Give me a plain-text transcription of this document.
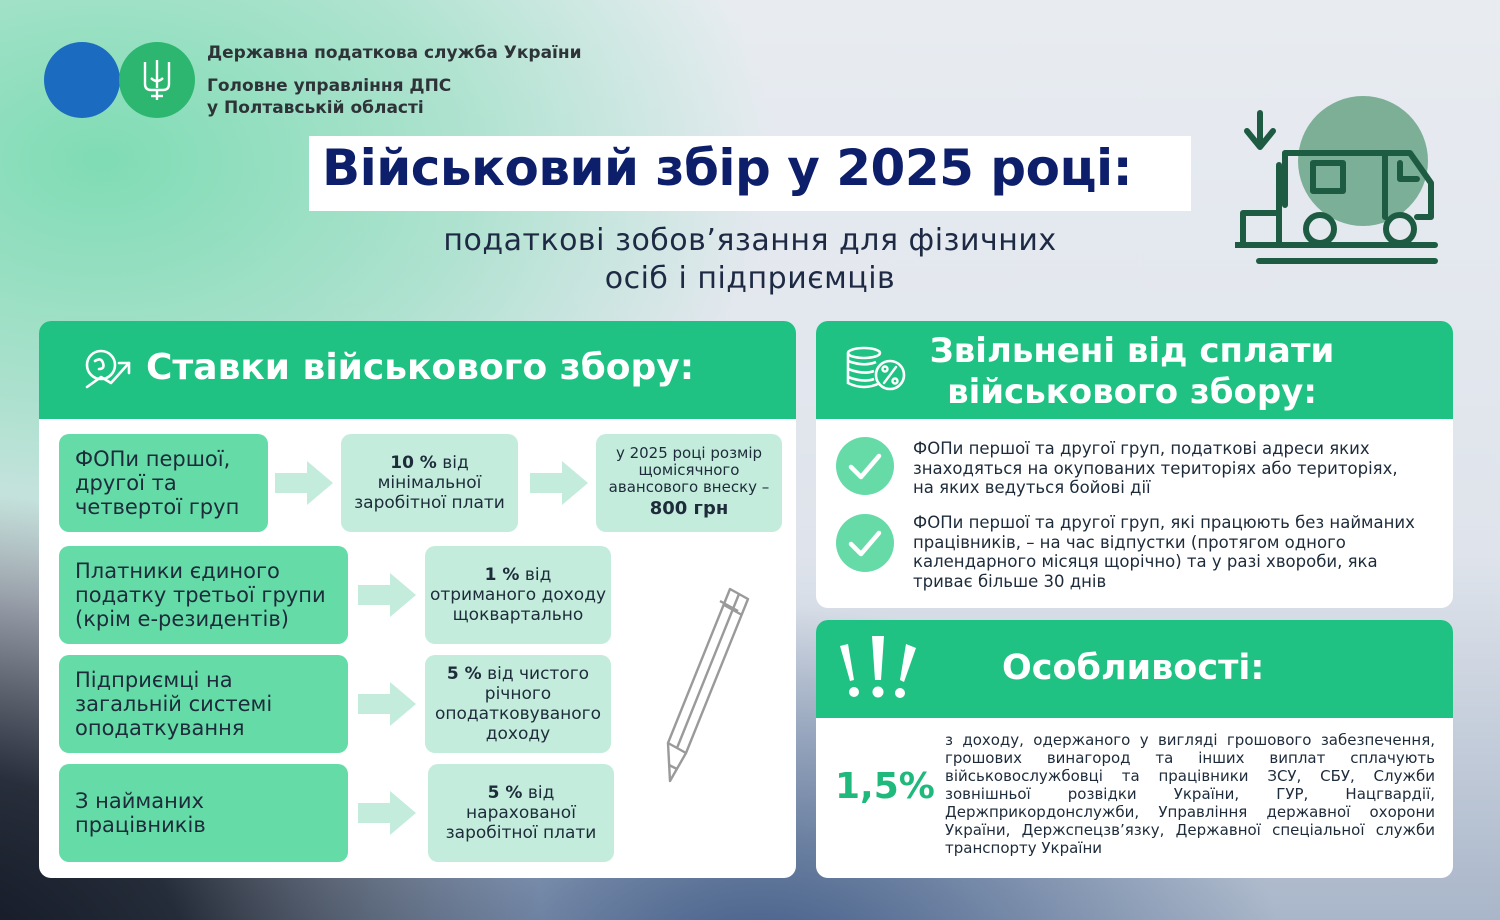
Державна податкова служба України
Головне управління ДПС
у Полтавській області
Військовий збір у 2025 році:
податкові зобов’язання для фізичних
осіб і підприємців
Ставки військового збору:
ФОПи першої, другої та четвертої груп
10 % від мінімальної заробітної плати
у 2025 році розмір щомісячного авансового внеску –
800 грн
Платники єдиного податку третьої групи (крім е-резидентів)
1 % від отриманого доходу щоквартально
Підприємці на загальній системі оподаткування
5 % від чистого річного оподатковуваного доходу
З найманих працівників
5 % від нарахованої заробітної плати
Звільнені від сплати
військового збору:
ФОПи першої та другої груп, податкові адреси яких знаходяться на окупованих територіях або територіях, на яких ведуться бойові дії
ФОПи першої та другої груп, які працюють без найманих працівників, – на час відпустки (протягом одного календарного місяця щорічно) та у разі хвороби, яка триває більше 30 днів
Особливості:
1,5%
з доходу, одержаного у вигляді грошового забезпечення, грошових винагород та інших виплат сплачують військовослужбовці та працівники ЗСУ, СБУ, Служби зовнішньої розвідки України, ГУР, Нацгвардії, Держприкордонслужби, Управління державної охорони України, Держспецзв’язку, Державної спеціальної служби транспорту України
